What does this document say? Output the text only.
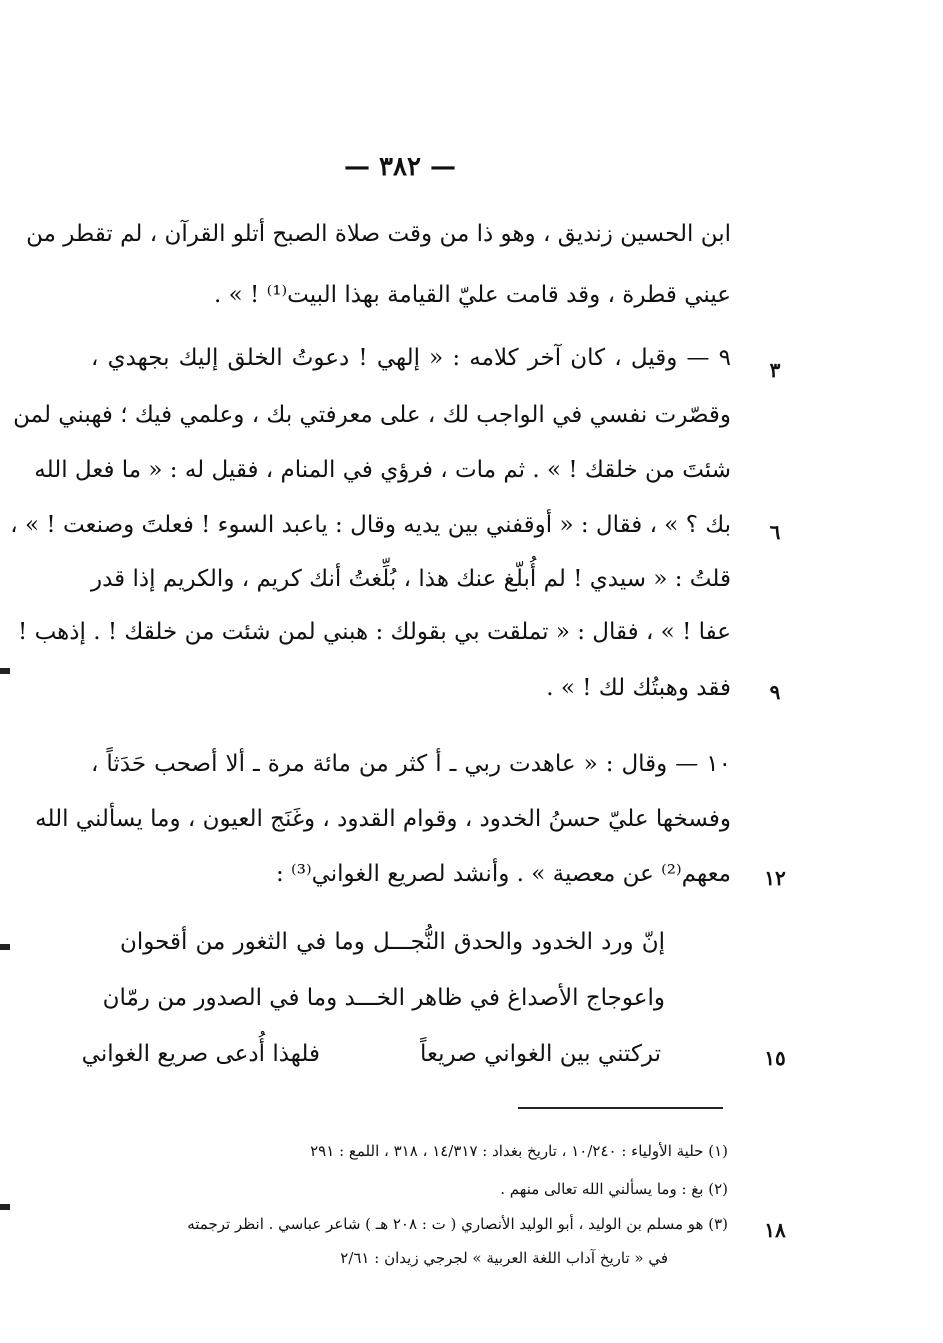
— ٣٨٢ —
ابن الحسين زنديق ، وهو ذا من وقت صلاة الصبح أتلو القرآن ، لم تقطر من
عيني قطرة ، وقد قامت عليّ القيامة بهذا البيت⁽¹⁾ ! » .
٩ — وقيل ، كان آخر كلامه : « إلهي ! دعوتُ الخلق إليك بجهدي ،
وقصّرت نفسي في الواجب لك ، على معرفتي بك ، وعلمي فيك ؛ فهبني لمن
شئتَ من خلقك ! » . ثم مات ، فرؤي في المنام ، فقيل له : « ما فعل الله
بك ؟ » ، فقال : « أوقفني بين يديه وقال : ياعبد السوء ! فعلتَ وصنعت ! » ،
قلتُ : « سيدي ! لم أُبلّغ عنك هذا ، بُلِّغتُ أنك كريم ، والكريم إذا قدر
عفا ! » ، فقال : « تملقت بي بقولك : هبني لمن شئت من خلقك ! . إذهب !
فقد وهبتُك لك ! » .
١٠ — وقال : « عاهدت ربي ـ أ كثر من مائة مرة ـ ألا أصحب حَدَثاً ،
وفسخها عليّ حسنُ الخدود ، وقوام القدود ، وغَنَج العيون ، وما يسألني الله
معهم⁽²⁾ عن معصية » . وأنشد لصريع الغواني⁽³⁾ :
إنّ ورد الخدود والحدق النُّجـــل وما في الثغور من أقحوان
واعوجاج الأصداغ في ظاهر الخـــد وما في الصدور من رمّان
تركتني بين الغواني صريعاً
فلهذا أُدعى صريع الغواني
٣
٦
٩
١٢
١٥
١٨
(١) حلية الأولياء : ١٠/٢٤٠ ، تاريخ بغداد : ١٤/٣١٧ ، ٣١٨ ، اللمع : ٢٩١
(٢) بغ : وما يسألني الله تعالى منهم .
(٣) هو مسلم بن الوليد ، أبو الوليد الأنصاري ( ت : ٢٠٨ هـ ) شاعر عباسي . انظر ترجمته
في « تاريخ آداب اللغة العربية » لجرجي زيدان : ٢/٦١
